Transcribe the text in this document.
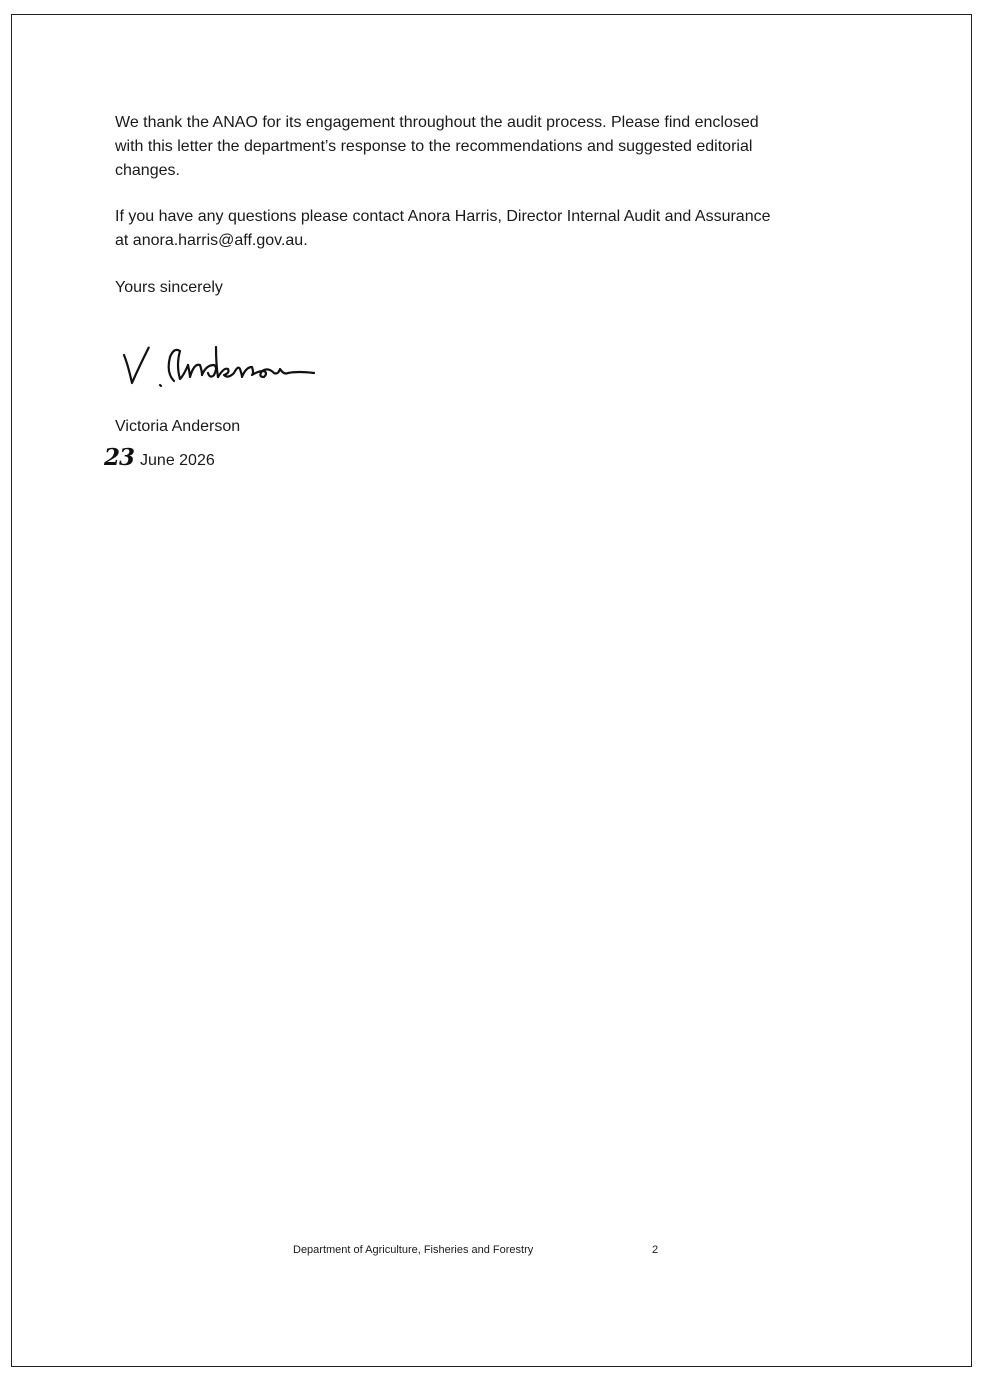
We thank the ANAO for its engagement throughout the audit process. Please find enclosed
with this letter the department’s response to the recommendations and suggested editorial
changes.

If you have any questions please contact Anora Harris, Director Internal Audit and Assurance
at anora.harris@aff.gov.au.

Yours sincerely

Victoria Anderson
23 June 2026
Department of Agriculture, Fisheries and Forestry	2
